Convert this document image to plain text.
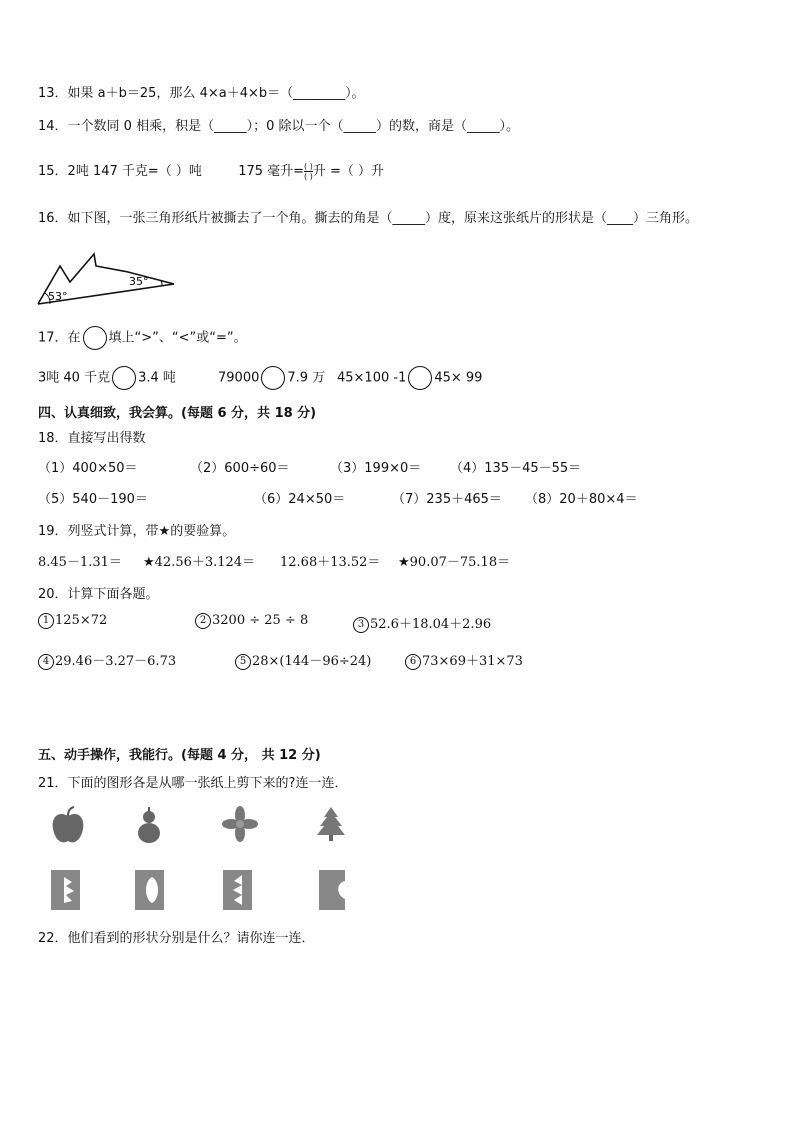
13．如果 a＋b＝25，那么 4×a＋4×b＝（________）。
14．一个数同 0 相乘，积是（_____）；0 除以一个（_____）的数，商是（_____）。
15．2吨 147 千克=（ ）吨	175 毫升= $\frac{( )}{( )}$ 升 =（ ）升
16．如下图，一张三角形纸片被撕去了一个角。撕去的角是（_____）度，原来这张纸片的形状是（____）三角形。
53°
35°
17．在 填上“>”、“<”或“=”。
3吨 40 千克 3.4 吨	79000 7.9 万 45×100 -1 45× 99
四、认真细致，我会算。(每题 6 分，共 18 分)
18．直接写出得数
（1）400×50＝	（2）600÷60＝	（3）199×0＝ （4）135－45－55＝
（5）540－190＝	（6）24×50＝	（7）235＋465＝ （8）20＋80×4＝
19．列竖式计算，带★的要验算。
8.45－1.31＝ ★42.56＋3.124＝ 12.68＋13.52＝ ★90.07－75.18＝
20．计算下面各题。
1 125×72	2 3200 ÷ 25 ÷ 8	3 52.6＋18.04＋2.96
4 29.46－3.27－6.73	5 28×(144－96÷24)	6 73×69＋31×73
五、动手操作，我能行。(每题 4 分， 共 12 分)
21．下面的图形各是从哪一张纸上剪下来的?连一连．
22．他们看到的形状分别是什么？请你连一连．
